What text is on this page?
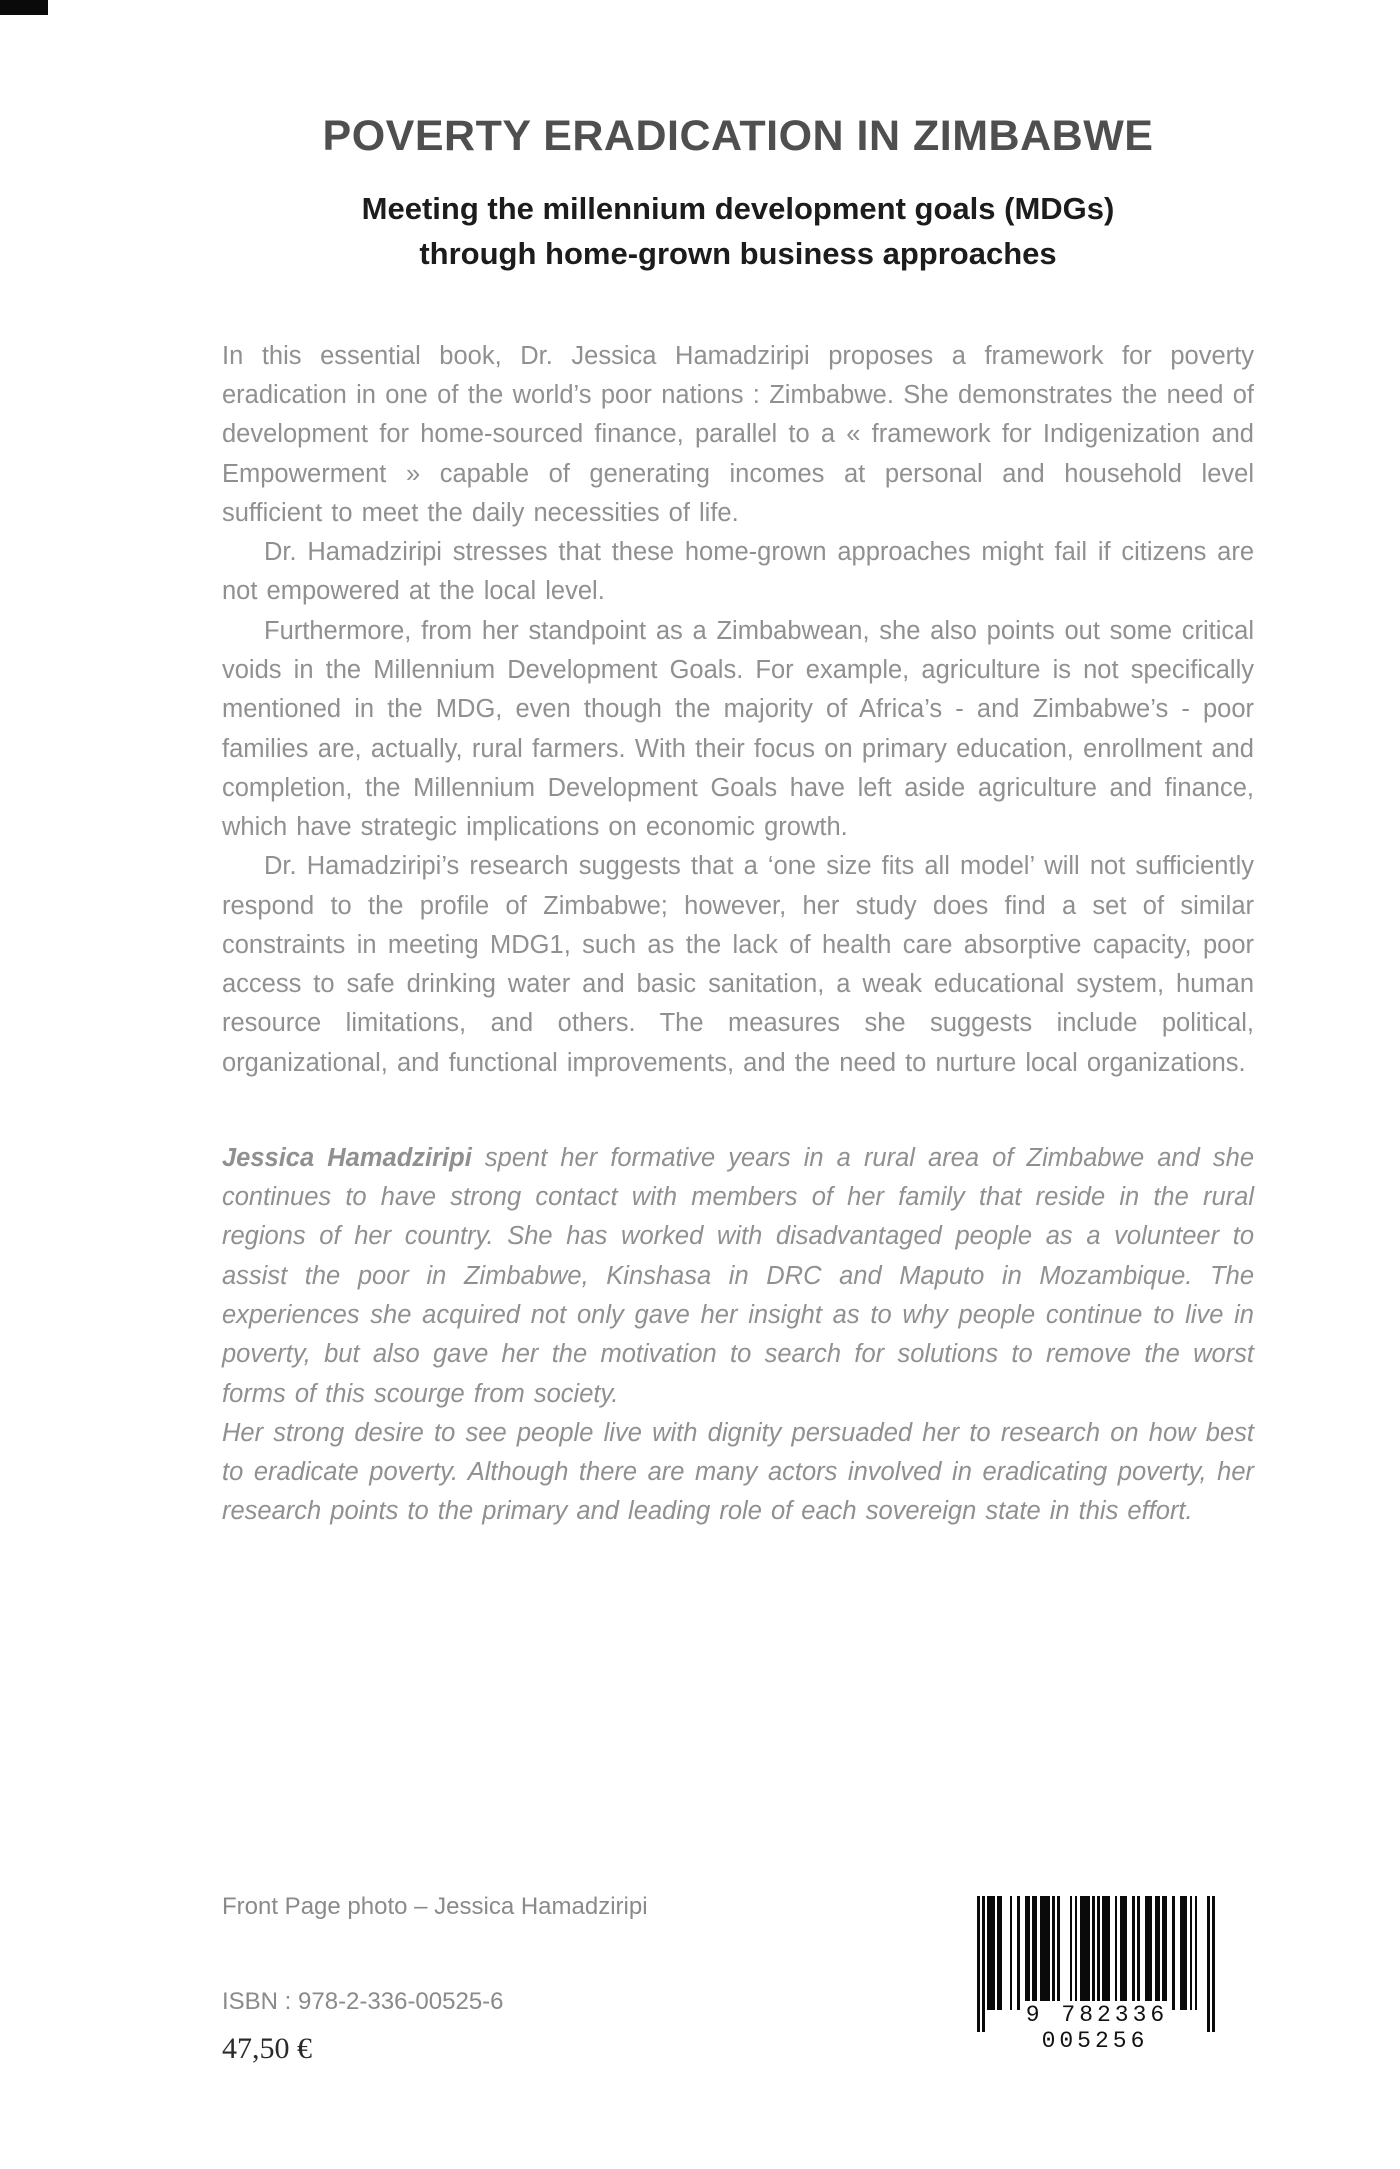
POVERTY ERADICATION IN ZIMBABWE
Meeting the millennium development goals (MDGs)
through home-grown business approaches

In this essential book, Dr. Jessica Hamadziripi proposes a framework for poverty eradication in one of the world’s poor nations : Zimbabwe. She demonstrates the need of development for home-sourced finance, parallel to a « framework for Indigenization and Empowerment » capable of generating incomes at personal and household level sufficient to meet the daily necessities of life.

Dr. Hamadziripi stresses that these home-grown approaches might fail if citizens are not empowered at the local level.

Furthermore, from her standpoint as a Zimbabwean, she also points out some critical voids in the Millennium Development Goals. For example, agriculture is not specifically mentioned in the MDG, even though the majority of Africa’s - and Zimbabwe’s - poor families are, actually, rural farmers. With their focus on primary education, enrollment and completion, the Millennium Development Goals have left aside agriculture and finance, which have strategic implications on economic growth.

Dr. Hamadziripi’s research suggests that a ‘one size fits all model’ will not sufficiently respond to the profile of Zimbabwe; however, her study does find a set of similar constraints in meeting MDG1, such as the lack of health care absorptive capacity, poor access to safe drinking water and basic sanitation, a weak educational system, human resource limitations, and others. The measures she suggests include political, organizational, and functional improvements, and the need to nurture local organizations.

Jessica Hamadziripi spent her formative years in a rural area of Zimbabwe and she continues to have strong contact with members of her family that reside in the rural regions of her country. She has worked with disadvantaged people as a volunteer to assist the poor in Zimbabwe, Kinshasa in DRC and Maputo in Mozambique. The experiences she acquired not only gave her insight as to why people continue to live in poverty, but also gave her the motivation to search for solutions to remove the worst forms of this scourge from society.

Her strong desire to see people live with dignity persuaded her to research on how best to eradicate poverty. Although there are many actors involved in eradicating poverty, her research points to the primary and leading role of each sovereign state in this effort.

Front Page photo – Jessica Hamadziripi
ISBN : 978-2-336-00525-6
47,50 €
9 782336 005256
